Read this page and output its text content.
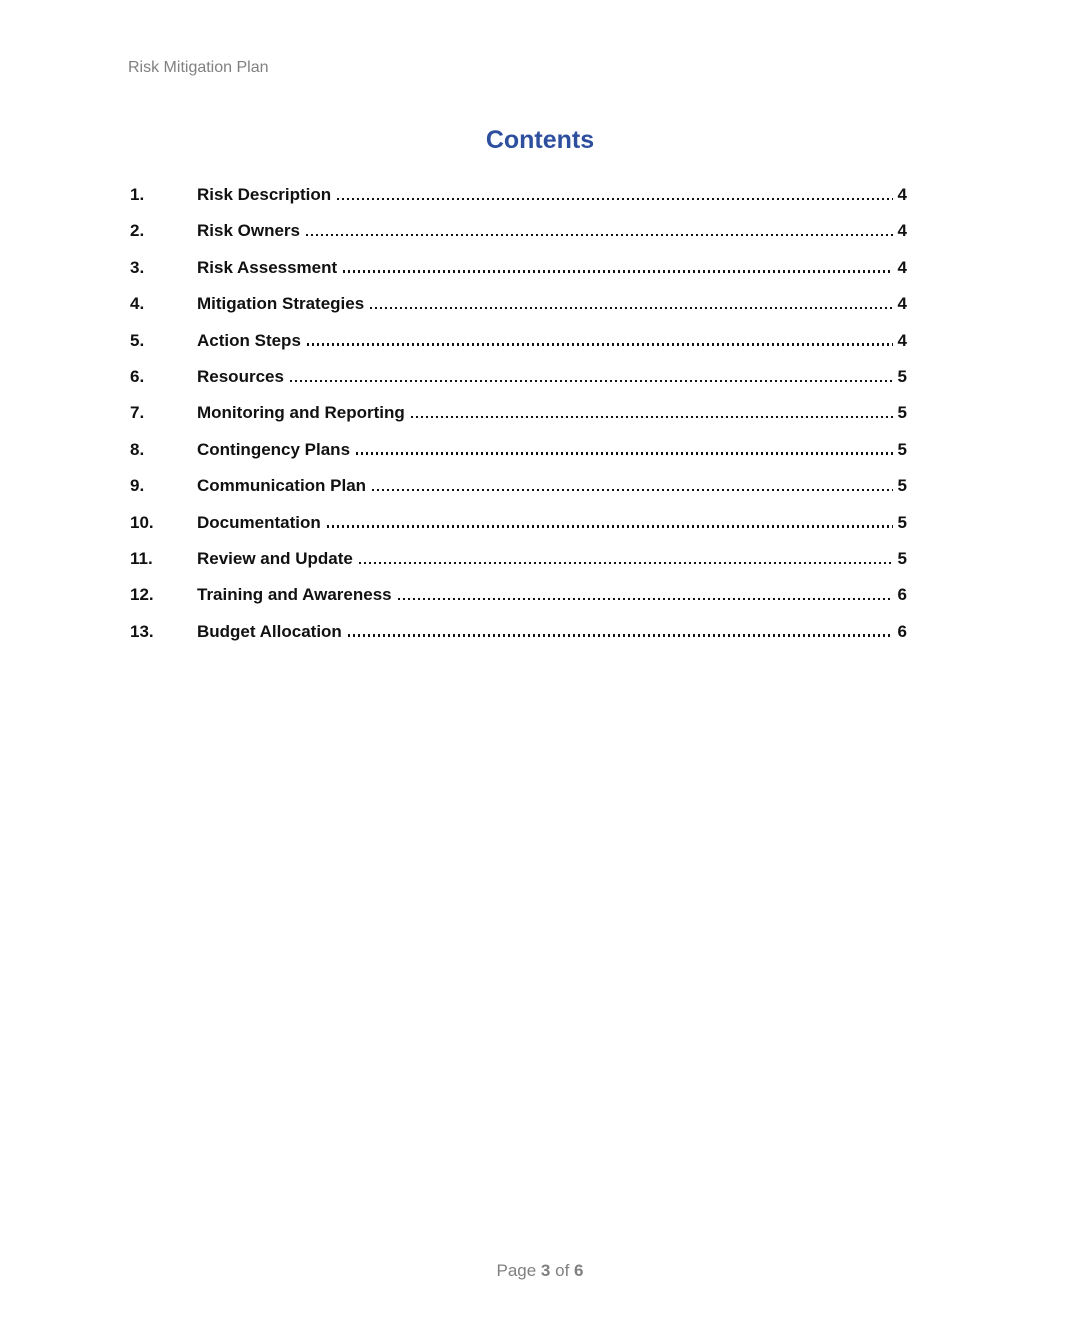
Risk Mitigation Plan
Contents
1.	Risk Description	4
2.	Risk Owners	4
3.	Risk Assessment	4
4.	Mitigation Strategies	4
5.	Action Steps	4
6.	Resources	5
7.	Monitoring and Reporting	5
8.	Contingency Plans	5
9.	Communication Plan	5
10.	Documentation	5
11.	Review and Update	5
12.	Training and Awareness	6
13.	Budget Allocation	6
Page 3 of 6
